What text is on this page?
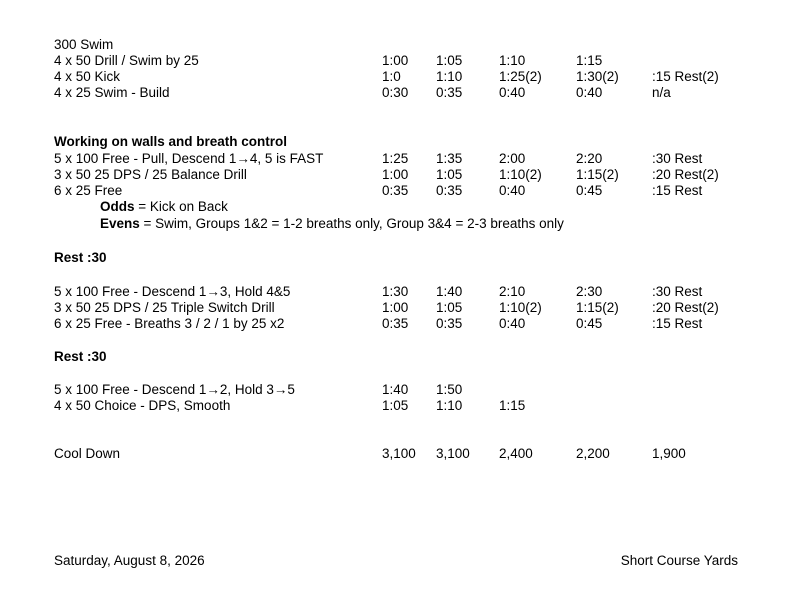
300 Swim
4 x 50 Drill / Swim by 25	1:00 1:05	1:10	1:15
4 x 50 Kick	1:0	1:10	1:25(2)	1:30(2) :15 Rest(2)
4 x 25 Swim - Build	0:30 0:35	0:40	0:40	n/a
Working on walls and breath control
5 x 100 Free - Pull, Descend 1→4, 5 is FAST	1:25 1:35	2:00	2:20	:30 Rest
3 x 50 25 DPS / 25 Balance Drill	1:00 1:05	1:10(2)	1:15(2) :20 Rest(2)
6 x 25 Free	0:35 0:35	0:40	0:45	:15 Rest
Odds = Kick on Back
Evens = Swim, Groups 1&2 = 1-2 breaths only, Group 3&4 = 2-3 breaths only
Rest :30
5 x 100 Free - Descend 1→3, Hold 4&5	1:30 1:40	2:10	2:30	:30 Rest
3 x 50 25 DPS / 25 Triple Switch Drill	1:00 1:05	1:10(2)	1:15(2) :20 Rest(2)
6 x 25 Free - Breaths 3 / 2 / 1 by 25 x2	0:35 0:35	0:40	0:45	:15 Rest
Rest :30
5 x 100 Free - Descend 1→2, Hold 3→5	1:40 1:50
4 x 50 Choice - DPS, Smooth	1:05 1:10	1:15
Cool Down	3,100 3,100 2,400	2,200	1,900
Saturday, August 8, 2026	Short Course Yards
